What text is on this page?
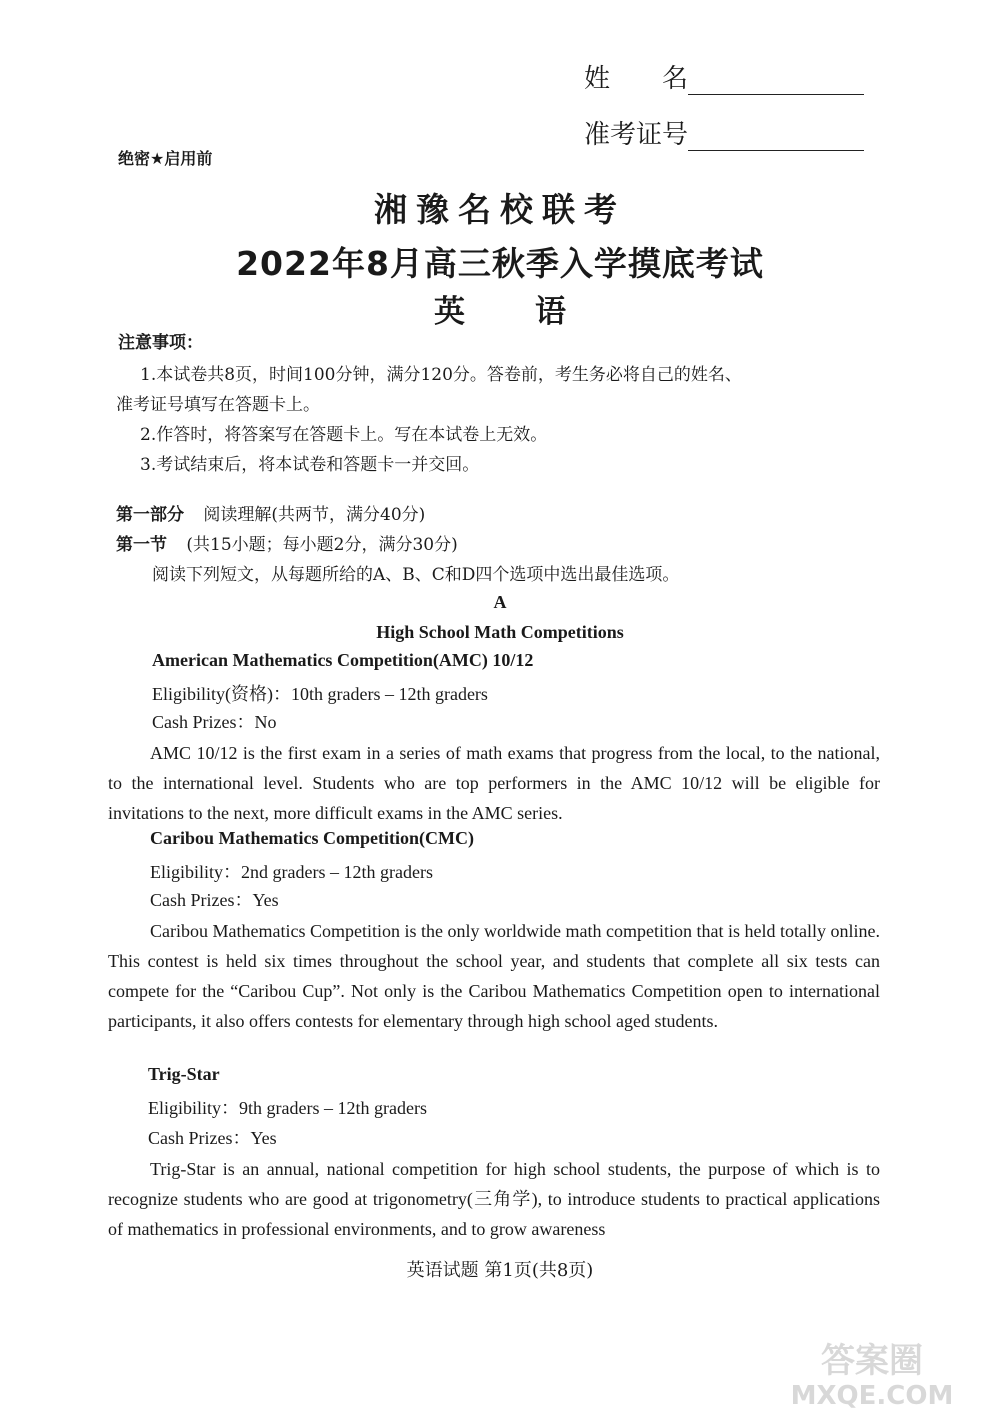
姓　　名
准考证号
绝密★启用前
湘豫名校联考
2022年8月高三秋季入学摸底考试
英语
注意事项：
1.本试卷共8页，时间100分钟，满分120分。答卷前，考生务必将自己的姓名、
准考证号填写在答题卡上。
2.作答时，将答案写在答题卡上。写在本试卷上无效。
3.考试结束后，将本试卷和答题卡一并交回。
第一部分 阅读理解(共两节，满分40分)
第一节 (共15小题；每小题2分，满分30分)
阅读下列短文，从每题所给的A、B、C和D四个选项中选出最佳选项。
A
High School Math Competitions
American Mathematics Competition(AMC) 10/12
Eligibility(资格)：10th graders – 12th graders
Cash Prizes：No
AMC 10/12 is the first exam in a series of math exams that progress from the local, to the national, to the international level. Students who are top performers in the AMC 10/12 will be eligible for invitations to the next, more difficult exams in the AMC series.
Caribou Mathematics Competition(CMC)
Eligibility：2nd graders – 12th graders
Cash Prizes：Yes
Caribou Mathematics Competition is the only worldwide math competition that is held totally online. This contest is held six times throughout the school year, and students that complete all six tests can compete for the “Caribou Cup”. Not only is the Caribou Mathematics Competition open to international participants, it also offers contests for elementary through high school aged students.
Trig-Star
Eligibility：9th graders – 12th graders
Cash Prizes：Yes
Trig-Star is an annual, national competition for high school students, the purpose of which is to recognize students who are good at trigonometry(三角学), to introduce students to practical applications of mathematics in professional environments, and to grow awareness
英语试题 第1页(共8页)
答案圈
MXQE.COM
